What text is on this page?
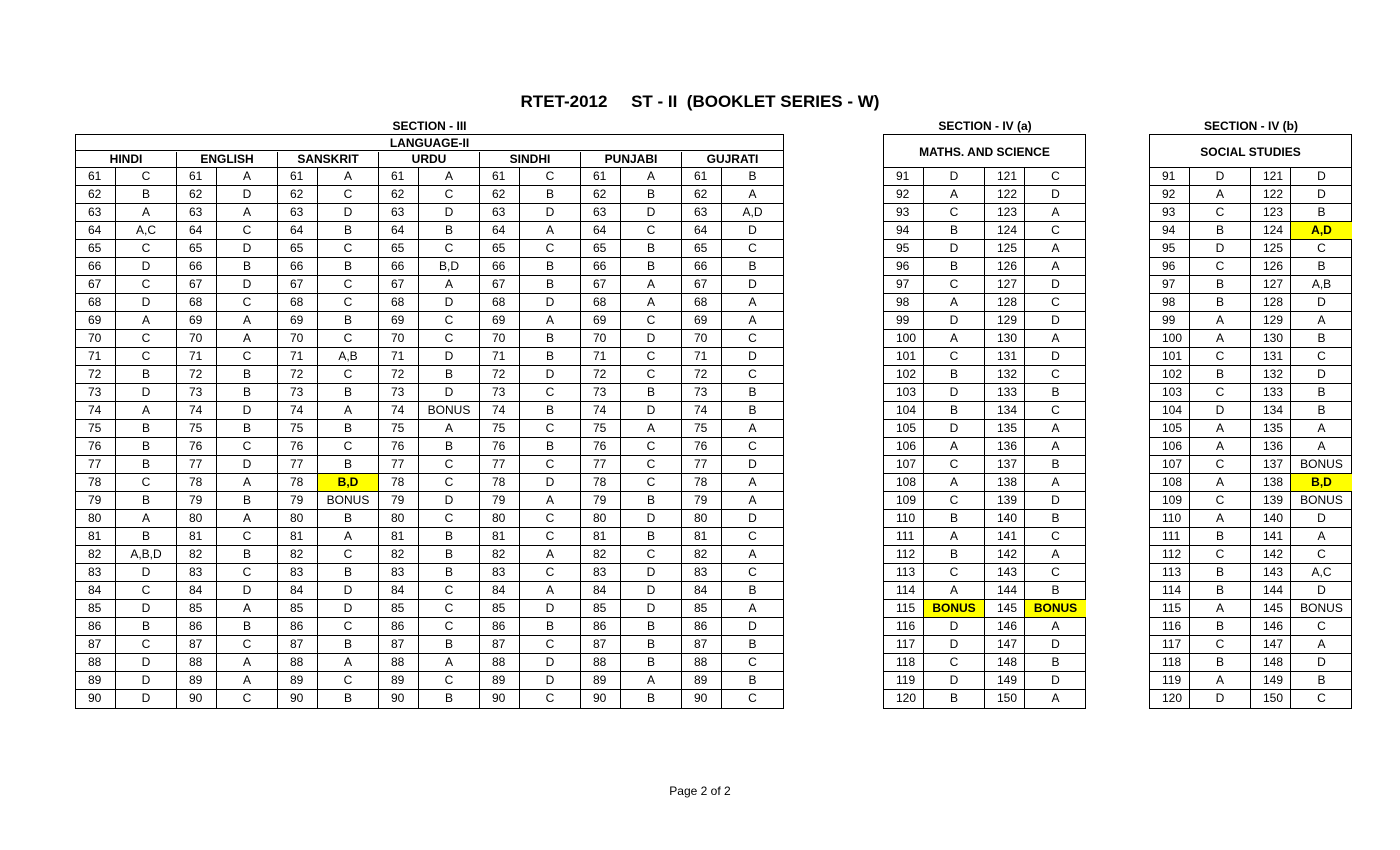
RTET-2012     ST - II  (BOOKLET SERIES - W)
SECTION - III	SECTION - IV (a)	SECTION - IV (b)
LANGUAGE-II
HINDI	ENGLISH	SANSKRIT	URDU	SINDHI	PUNJABI	GUJRATI
61	C	61	A	61	A	61	A	61	C	61	A	61	B
62	B	62	D	62	C	62	C	62	B	62	B	62	A
63	A	63	A	63	D	63	D	63	D	63	D	63	A,D
64	A,C	64	C	64	B	64	B	64	A	64	C	64	D
65	C	65	D	65	C	65	C	65	C	65	B	65	C
66	D	66	B	66	B	66	B,D	66	B	66	B	66	B
67	C	67	D	67	C	67	A	67	B	67	A	67	D
68	D	68	C	68	C	68	D	68	D	68	A	68	A
69	A	69	A	69	B	69	C	69	A	69	C	69	A
70	C	70	A	70	C	70	C	70	B	70	D	70	C
71	C	71	C	71	A,B	71	D	71	B	71	C	71	D
72	B	72	B	72	C	72	B	72	D	72	C	72	C
73	D	73	B	73	B	73	D	73	C	73	B	73	B
74	A	74	D	74	A	74	BONUS	74	B	74	D	74	B
75	B	75	B	75	B	75	A	75	C	75	A	75	A
76	B	76	C	76	C	76	B	76	B	76	C	76	C
77	B	77	D	77	B	77	C	77	C	77	C	77	D
78	C	78	A	78	B,D	78	C	78	D	78	C	78	A
79	B	79	B	79	BONUS	79	D	79	A	79	B	79	A
80	A	80	A	80	B	80	C	80	C	80	D	80	D
81	B	81	C	81	A	81	B	81	C	81	B	81	C
82	A,B,D	82	B	82	C	82	B	82	A	82	C	82	A
83	D	83	C	83	B	83	B	83	C	83	D	83	C
84	C	84	D	84	D	84	C	84	A	84	D	84	B
85	D	85	A	85	D	85	C	85	D	85	D	85	A
86	B	86	B	86	C	86	C	86	B	86	B	86	D
87	C	87	C	87	B	87	B	87	C	87	B	87	B
88	D	88	A	88	A	88	A	88	D	88	B	88	C
89	D	89	A	89	C	89	C	89	D	89	A	89	B
90	D	90	C	90	B	90	B	90	C	90	B	90	C
MATHS. AND SCIENCE
91	D	121	C
92	A	122	D
93	C	123	A
94	B	124	C
95	D	125	A
96	B	126	A
97	C	127	D
98	A	128	C
99	D	129	D
100	A	130	A
101	C	131	D
102	B	132	C
103	D	133	B
104	B	134	C
105	D	135	A
106	A	136	A
107	C	137	B
108	A	138	A
109	C	139	D
110	B	140	B
111	A	141	C
112	B	142	A
113	C	143	C
114	A	144	B
115	BONUS	145	BONUS
116	D	146	A
117	D	147	D
118	C	148	B
119	D	149	D
120	B	150	A
SOCIAL STUDIES
91	D	121	D
92	A	122	D
93	C	123	B
94	B	124	A,D
95	D	125	C
96	C	126	B
97	B	127	A,B
98	B	128	D
99	A	129	A
100	A	130	B
101	C	131	C
102	B	132	D
103	C	133	B
104	D	134	B
105	A	135	A
106	A	136	A
107	C	137	BONUS
108	A	138	B,D
109	C	139	BONUS
110	A	140	D
111	B	141	A
112	C	142	C
113	B	143	A,C
114	B	144	D
115	A	145	BONUS
116	B	146	C
117	C	147	A
118	B	148	D
119	A	149	B
120	D	150	C
Page 2 of 2
